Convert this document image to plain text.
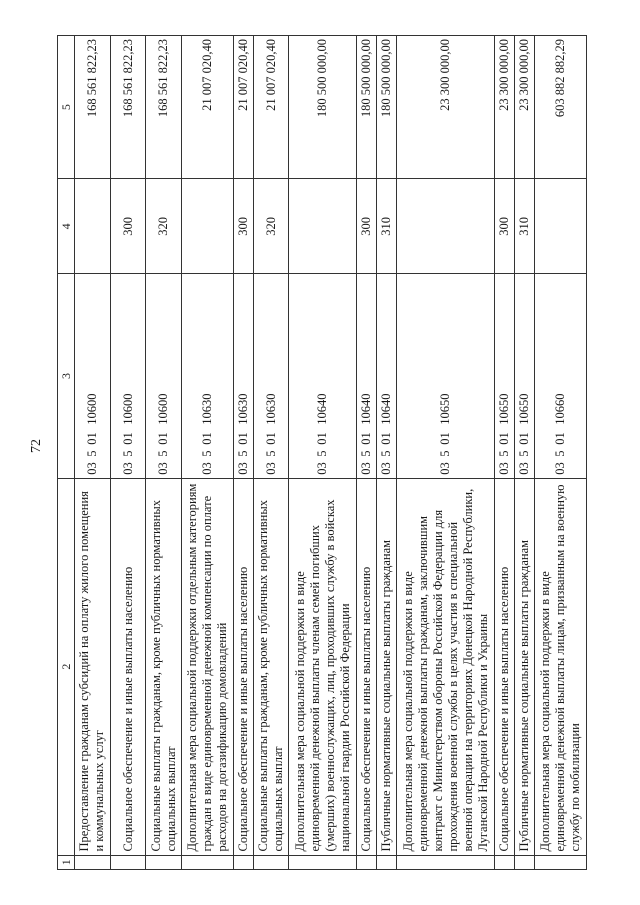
72
1	2	3	4	5
	Предоставление гражданам субсидий на оплату жилого помещения и коммунальных услуг	0350110600		168 561 822,23
	Социальное обеспечение и иные выплаты населению	0350110600	300	168 561 822,23
	Социальные выплаты гражданам, кроме публичных нормативных социальных выплат	0350110600	320	168 561 822,23
	Дополнительная мера социальной поддержки отдельным категориям граждан в виде единовременной денежной компенсации по оплате расходов на догазификацию домовладений	0350110630		21 007 020,40
	Социальное обеспечение и иные выплаты населению	0350110630	300	21 007 020,40
	Социальные выплаты гражданам, кроме публичных нормативных социальных выплат	0350110630	320	21 007 020,40
	Дополнительная мера социальной поддержки в виде единовременной денежной выплаты членам семей погибших (умерших) военнослужащих, лиц, проходивших службу в войсках национальной гвардии Российской Федерации	0350110640		180 500 000,00
	Социальное обеспечение и иные выплаты населению	0350110640	300	180 500 000,00
	Публичные нормативные социальные выплаты гражданам	0350110640	310	180 500 000,00
	Дополнительная мера социальной поддержки в виде единовременной денежной выплаты гражданам, заключившим контракт с Министерством обороны Российской Федерации для прохождения военной службы в целях участия в специальной военной операции на территориях Донецкой Народной Республики, Луганской Народной Республики и Украины	0350110650		23 300 000,00
	Социальное обеспечение и иные выплаты населению	0350110650	300	23 300 000,00
	Публичные нормативные социальные выплаты гражданам	0350110650	310	23 300 000,00
	Дополнительная мера социальной поддержки в виде единовременной денежной выплаты лицам, призванным на военную службу по мобилизации	0350110660		603 882 882,29
